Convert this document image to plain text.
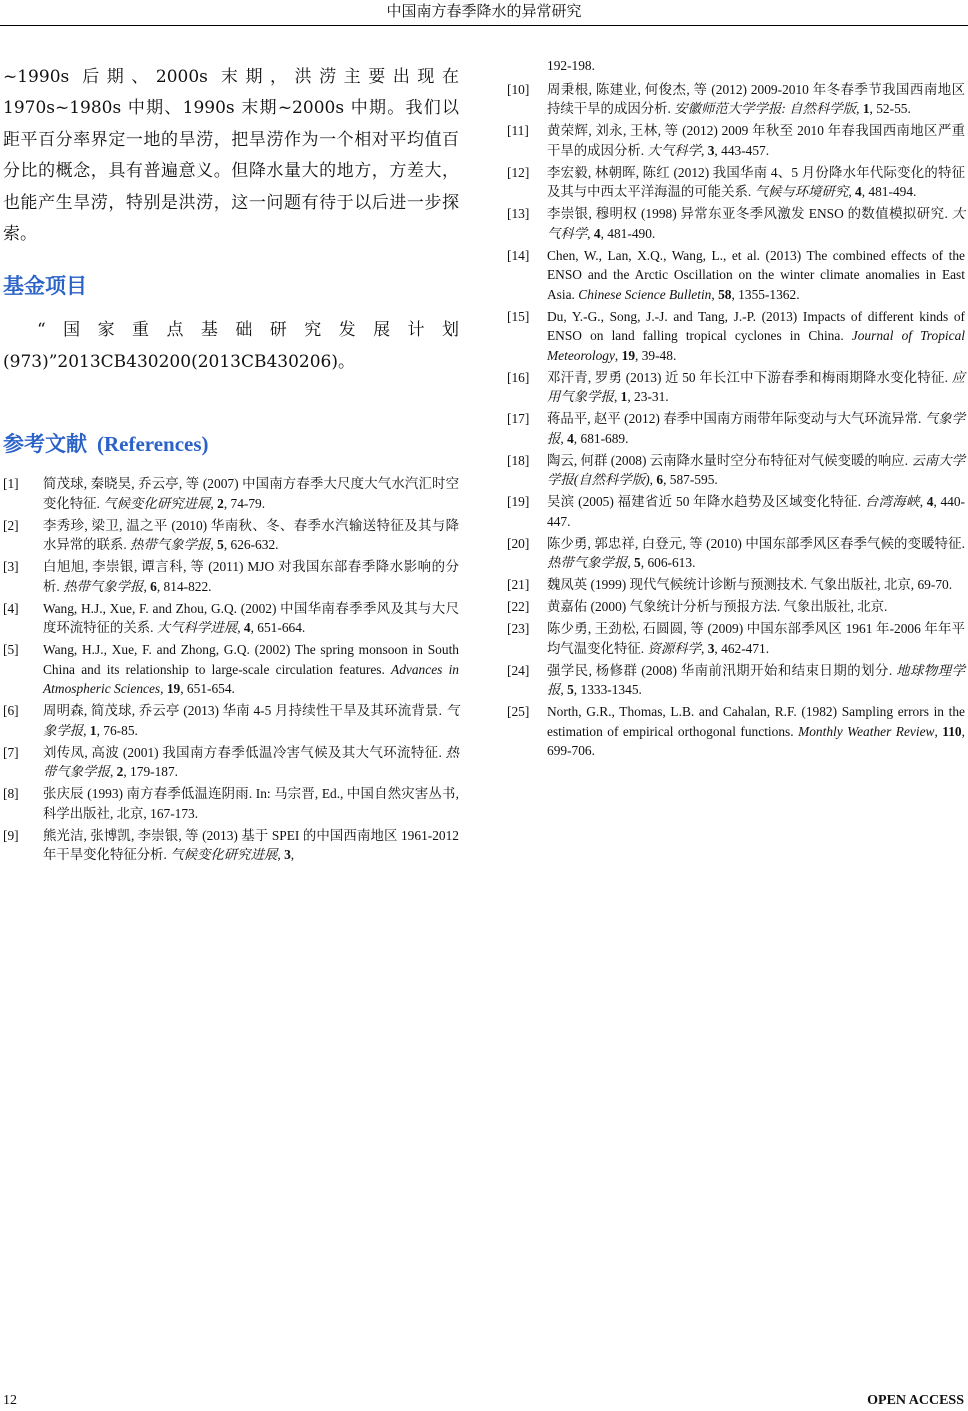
中国南方春季降水的异常研究

~1990s 后期、2000s 末期，洪涝主要出现在 1970s~1980s 中期、1990s 末期~2000s 中期。我们以距平百分率界定一地的旱涝，把旱涝作为一个相对平均值百分比的概念，具有普遍意义。但降水量大的地方，方差大，也能产生旱涝，特别是洪涝，这一问题有待于以后进一步探索。

基金项目

“国家重点基础研究发展计划(973)”2013CB430200(2013CB430206)。

参考文献 (References)
[1]	简茂球, 秦晓昊, 乔云亭, 等 (2007) 中国南方春季大尺度大气水汽汇时空变化特征. 气候变化研究进展, 2, 74-79.
[2]	李秀珍, 梁卫, 温之平 (2010) 华南秋、冬、春季水汽输送特征及其与降水异常的联系. 热带气象学报, 5, 626-632.
[3]	白旭旭, 李崇银, 谭言科, 等 (2011) MJO 对我国东部春季降水影响的分析. 热带气象学报, 6, 814-822.
[4]	Wang, H.J., Xue, F. and Zhou, G.Q. (2002) 中国华南春季季风及其与大尺度环流特征的关系. 大气科学进展, 4, 651-664.
[5]	Wang, H.J., Xue, F. and Zhong, G.Q. (2002) The spring monsoon in South China and its relationship to large-scale circulation features. Advances in Atmospheric Sciences, 19, 651-654.
[6]	周明森, 简茂球, 乔云亭 (2013) 华南 4-5 月持续性干旱及其环流背景. 气象学报, 1, 76-85.
[7]	刘传凤, 高波 (2001) 我国南方春季低温冷害气候及其大气环流特征. 热带气象学报, 2, 179-187.
[8]	张庆辰 (1993) 南方春季低温连阴雨. In: 马宗晋, Ed., 中国自然灾害丛书, 科学出版社, 北京, 167-173.
[9]	熊光洁, 张博凯, 李崇银, 等 (2013) 基于 SPEI 的中国西南地区 1961-2012 年干旱变化特征分析. 气候变化研究进展, 3,
192-198.
[10]	周秉根, 陈建业, 何俊杰, 等 (2012) 2009-2010 年冬春季节我国西南地区持续干旱的成因分析. 安徽师范大学学报: 自然科学版, 1, 52-55.
[11]	黄荣辉, 刘永, 王林, 等 (2012) 2009 年秋至 2010 年春我国西南地区严重干旱的成因分析. 大气科学, 3, 443-457.
[12]	李宏毅, 林朝晖, 陈红 (2012) 我国华南 4、5 月份降水年代际变化的特征及其与中西太平洋海温的可能关系. 气候与环境研究, 4, 481-494.
[13]	李崇银, 穆明权 (1998) 异常东亚冬季风激发 ENSO 的数值模拟研究. 大气科学, 4, 481-490.
[14]	Chen, W., Lan, X.Q., Wang, L., et al. (2013) The combined effects of the ENSO and the Arctic Oscillation on the winter climate anomalies in East Asia. Chinese Science Bulletin, 58, 1355-1362.
[15]	Du, Y.-G., Song, J.-J. and Tang, J.-P. (2013) Impacts of different kinds of ENSO on land falling tropical cyclones in China. Journal of Tropical Meteorology, 19, 39-48.
[16]	邓汗青, 罗勇 (2013) 近 50 年长江中下游春季和梅雨期降水变化特征. 应用气象学报, 1, 23-31.
[17]	蒋品平, 赵平 (2012) 春季中国南方雨带年际变动与大气环流异常. 气象学报, 4, 681-689.
[18]	陶云, 何群 (2008) 云南降水量时空分布特征对气候变暖的响应. 云南大学学报(自然科学版), 6, 587-595.
[19]	吴滨 (2005) 福建省近 50 年降水趋势及区域变化特征. 台湾海峡, 4, 440-447.
[20]	陈少勇, 郭忠祥, 白登元, 等 (2010) 中国东部季风区春季气候的变暖特征. 热带气象学报, 5, 606-613.
[21]	魏凤英 (1999) 现代气候统计诊断与预测技术. 气象出版社, 北京, 69-70.
[22]	黄嘉佑 (2000) 气象统计分析与预报方法. 气象出版社, 北京.
[23]	陈少勇, 王劲松, 石圆圆, 等 (2009) 中国东部季风区 1961 年-2006 年年平均气温变化特征. 资源科学, 3, 462-471.
[24]	强学民, 杨修群 (2008) 华南前汛期开始和结束日期的划分. 地球物理学报, 5, 1333-1345.
[25]	North, G.R., Thomas, L.B. and Cahalan, R.F. (1982) Sampling errors in the estimation of empirical orthogonal functions. Monthly Weather Review, 110, 699-706.
12	OPEN ACCESS
